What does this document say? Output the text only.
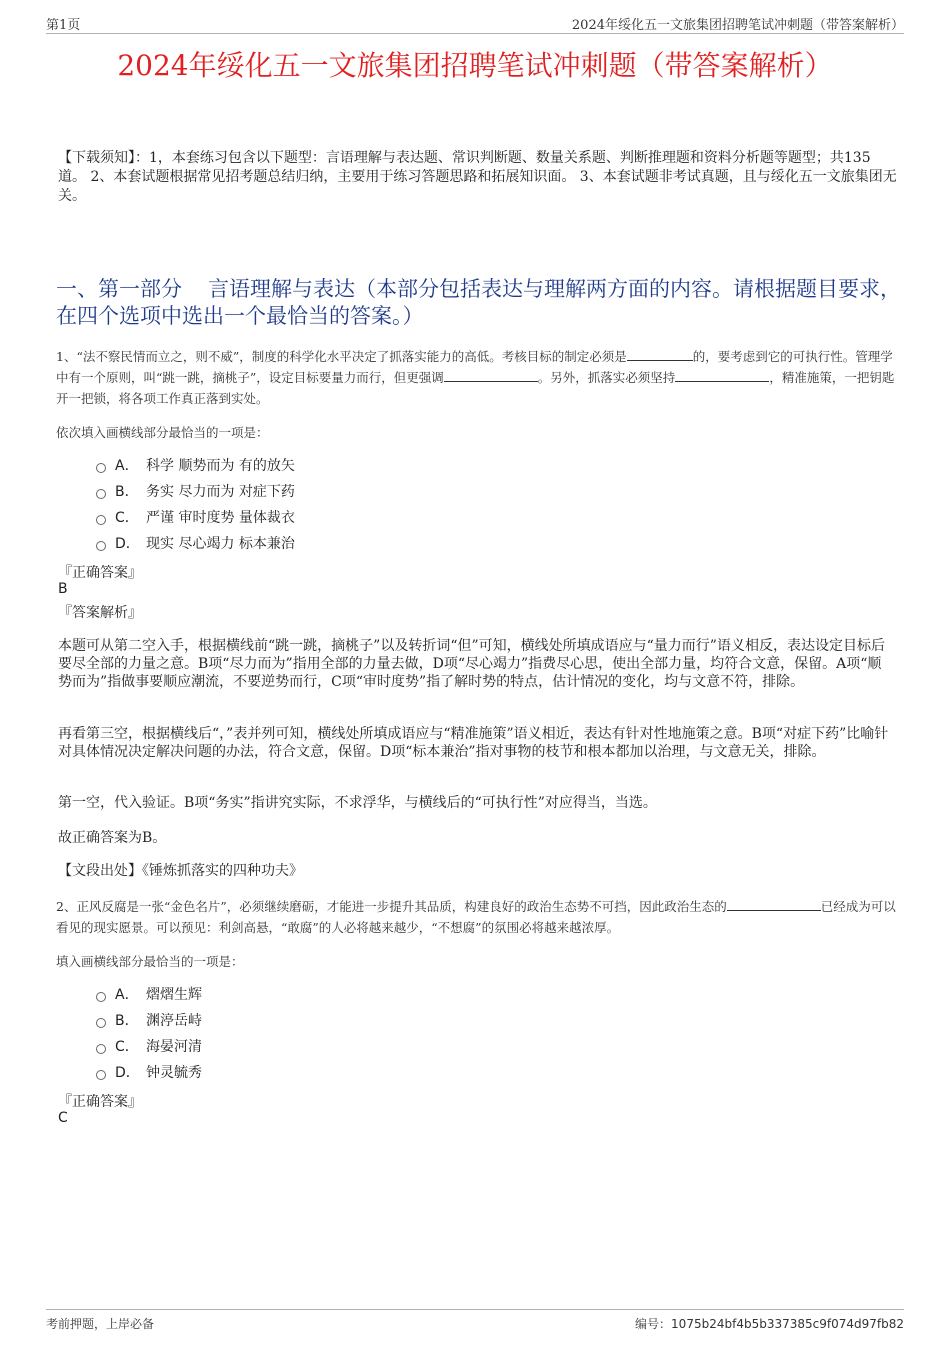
第1页	2024年绥化五一文旅集团招聘笔试冲刺题（带答案解析）
2024年绥化五一文旅集团招聘笔试冲刺题（带答案解析）
【下载须知】：1，本套练习包含以下题型：言语理解与表达题、常识判断题、数量关系题、判断推理题和资料分析题等题型；共135道。 2、本套试题根据常见招考题总结归纳，主要用于练习答题思路和拓展知识面。 3、本套试题非考试真题，且与绥化五一文旅集团无关。
一、第一部分 言语理解与表达（本部分包括表达与理解两方面的内容。请根据题目要求，在四个选项中选出一个最恰当的答案。）
1、“法不察民情而立之，则不威”，制度的科学化水平决定了抓落实能力的高低。考核目标的制定必须是	的，要考虑到它的可执行性。管理学中有一个原则，叫“跳一跳，摘桃子”，设定目标要量力而行，但更强调	。另外，抓落实必须坚持	，精准施策，一把钥匙开一把锁，将各项工作真正落到实处。
依次填入画横线部分最恰当的一项是：
A． 科学 顺势而为 有的放矢
B． 务实 尽力而为 对症下药
C． 严谨 审时度势 量体裁衣
D． 现实 尽心竭力 标本兼治
『正确答案』
B
『答案解析』
本题可从第二空入手，根据横线前“跳一跳，摘桃子”以及转折词“但”可知，横线处所填成语应与“量力而行”语义相反，表达设定目标后要尽全部的力量之意。B项“尽力而为”指用全部的力量去做，D项“尽心竭力”指费尽心思，使出全部力量，均符合文意，保留。A项“顺势而为”指做事要顺应潮流，不要逆势而行，C项“审时度势”指了解时势的特点，估计情况的变化，均与文意不符，排除。
再看第三空，根据横线后“，”表并列可知，横线处所填成语应与“精准施策”语义相近，表达有针对性地施策之意。B项“对症下药”比喻针对具体情况决定解决问题的办法，符合文意，保留。D项“标本兼治”指对事物的枝节和根本都加以治理，与文意无关，排除。
第一空，代入验证。B项“务实”指讲究实际，不求浮华，与横线后的“可执行性”对应得当，当选。
故正确答案为B。
【文段出处】《锤炼抓落实的四种功夫》
2、正风反腐是一张“金色名片”，必须继续磨砺，才能进一步提升其品质，构建良好的政治生态势不可挡，因此政治生态的	已经成为可以看见的现实愿景。可以预见：利剑高悬，“敢腐”的人必将越来越少，“不想腐”的氛围必将越来越浓厚。
填入画横线部分最恰当的一项是：
A． 熠熠生辉
B． 渊渟岳峙
C． 海晏河清
D． 钟灵毓秀
『正确答案』
C
考前押题，上岸必备	编号：1075b24bf4b5b337385c9f074d97fb82
